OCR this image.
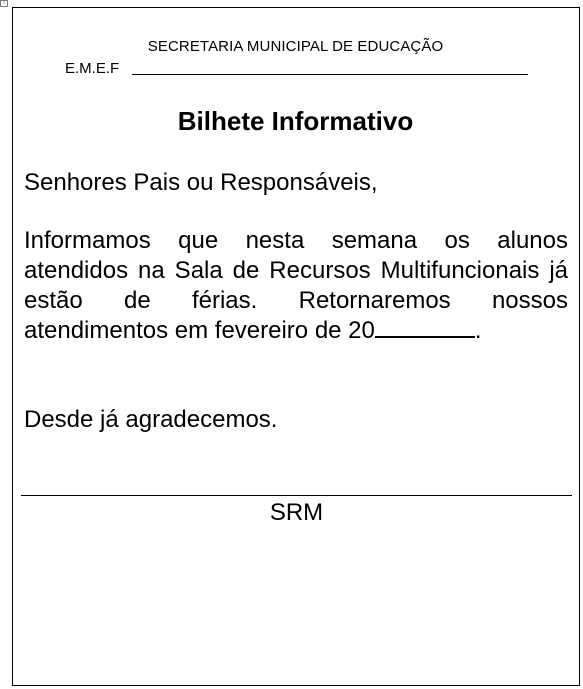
↕
SECRETARIA MUNICIPAL DE EDUCAÇÃO
E.M.E.F
Bilhete Informativo
Senhores Pais ou Responsáveis,
Informamos que nesta semana os alunos atendidos na Sala de Recursos Multifuncionais já estão de férias. Retornaremos nossos atendimentos em fevereiro de 20	.
Desde já agradecemos.
SRM
